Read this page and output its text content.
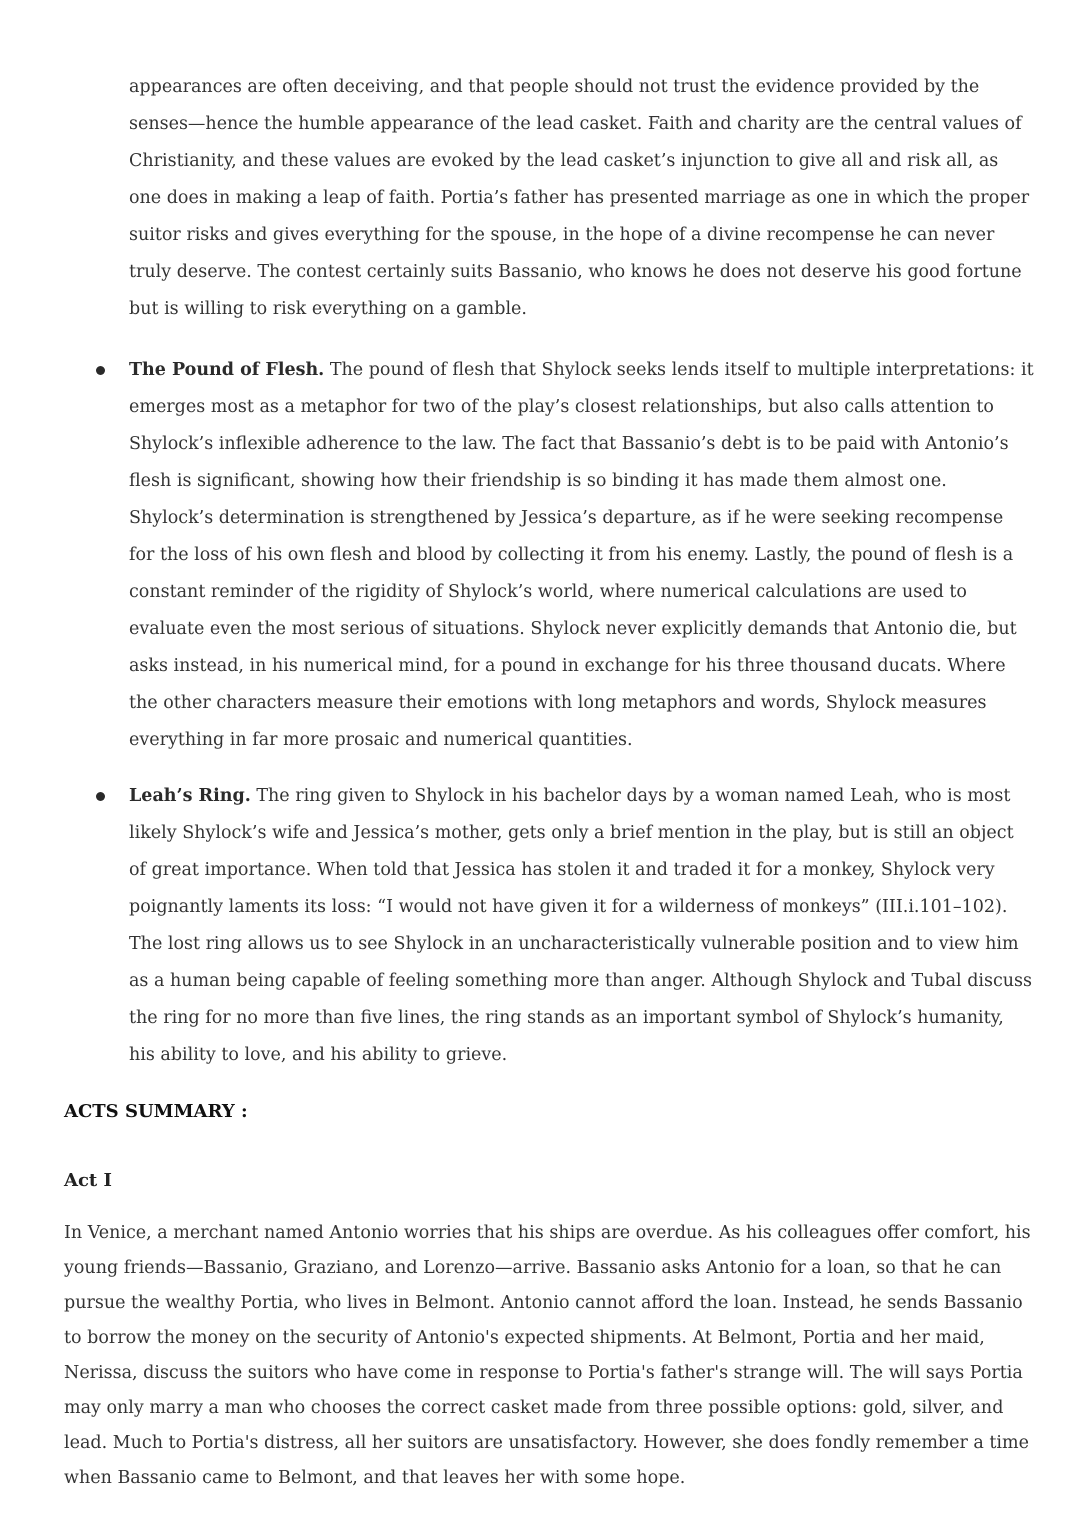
appearances are often deceiving, and that people should not trust the evidence provided by the senses—hence the humble appearance of the lead casket. Faith and charity are the central values of Christianity, and these values are evoked by the lead casket’s injunction to give all and risk all, as one does in making a leap of faith. Portia’s father has presented marriage as one in which the proper suitor risks and gives everything for the spouse, in the hope of a divine recompense he can never truly deserve. The contest certainly suits Bassanio, who knows he does not deserve his good fortune but is willing to risk everything on a gamble.

The Pound of Flesh. The pound of flesh that Shylock seeks lends itself to multiple interpretations: it emerges most as a metaphor for two of the play’s closest relationships, but also calls attention to Shylock’s inflexible adherence to the law. The fact that Bassanio’s debt is to be paid with Antonio’s flesh is significant, showing how their friendship is so binding it has made them almost one. Shylock’s determination is strengthened by Jessica’s departure, as if he were seeking recompense for the loss of his own flesh and blood by collecting it from his enemy. Lastly, the pound of flesh is a constant reminder of the rigidity of Shylock’s world, where numerical calculations are used to evaluate even the most serious of situations. Shylock never explicitly demands that Antonio die, but asks instead, in his numerical mind, for a pound in exchange for his three thousand ducats. Where the other characters measure their emotions with long metaphors and words, Shylock measures everything in far more prosaic and numerical quantities.
Leah’s Ring. The ring given to Shylock in his bachelor days by a woman named Leah, who is most likely Shylock’s wife and Jessica’s mother, gets only a brief mention in the play, but is still an object of great importance. When told that Jessica has stolen it and traded it for a monkey, Shylock very poignantly laments its loss: “I would not have given it for a wilderness of monkeys” (III.i.101–102). The lost ring allows us to see Shylock in an uncharacteristically vulnerable position and to view him as a human being capable of feeling something more than anger. Although Shylock and Tubal discuss the ring for no more than five lines, the ring stands as an important symbol of Shylock’s humanity, his ability to love, and his ability to grieve.
ACTS SUMMARY :
Act I

In Venice, a merchant named Antonio worries that his ships are overdue. As his colleagues offer comfort, his young friends—Bassanio, Graziano, and Lorenzo—arrive. Bassanio asks Antonio for a loan, so that he can pursue the wealthy Portia, who lives in Belmont. Antonio cannot afford the loan. Instead, he sends Bassanio to borrow the money on the security of Antonio's expected shipments. At Belmont, Portia and her maid, Nerissa, discuss the suitors who have come in response to Portia's father's strange will. The will says Portia may only marry a man who chooses the correct casket made from three possible options: gold, silver, and lead. Much to Portia's distress, all her suitors are unsatisfactory. However, she does fondly remember a time when Bassanio came to Belmont, and that leaves her with some hope.
